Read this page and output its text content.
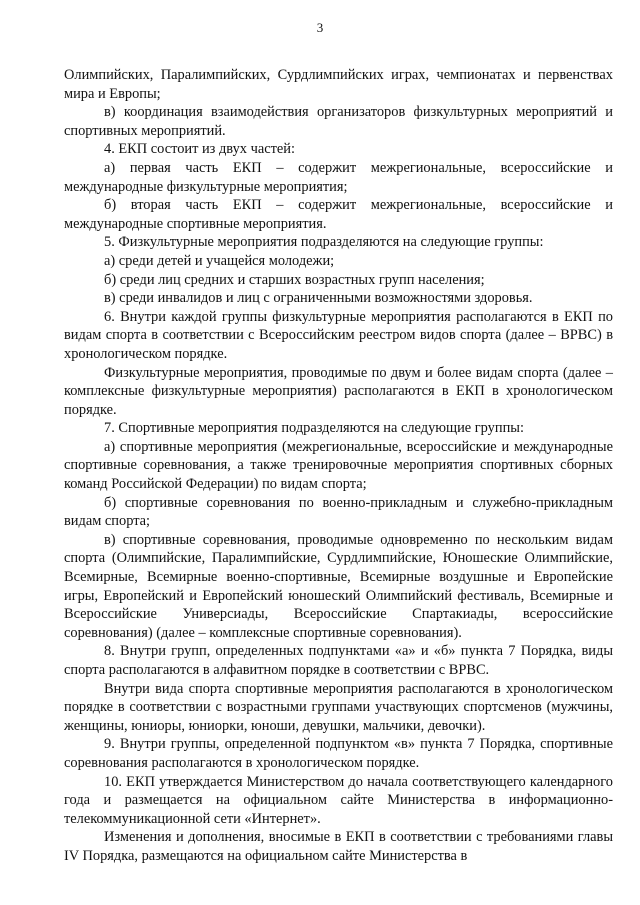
3

Олимпийских, Паралимпийских, Сурдлимпийских играх, чемпионатах и первенствах мира и Европы;

в) координация взаимодействия организаторов физкультурных мероприятий и спортивных мероприятий.

4. ЕКП состоит из двух частей:

а) первая часть ЕКП – содержит межрегиональные, всероссийские и международные физкультурные мероприятия;

б) вторая часть ЕКП – содержит межрегиональные, всероссийские и международные спортивные мероприятия.

5. Физкультурные мероприятия подразделяются на следующие группы:

а) среди детей и учащейся молодежи;

б) среди лиц средних и старших возрастных групп населения;

в) среди инвалидов и лиц с ограниченными возможностями здоровья.

6. Внутри каждой группы физкультурные мероприятия располагаются в ЕКП по видам спорта в соответствии с Всероссийским реестром видов спорта (далее – ВРВС) в хронологическом порядке.

Физкультурные мероприятия, проводимые по двум и более видам спорта (далее – комплексные физкультурные мероприятия) располагаются в ЕКП в хронологическом порядке.

7. Спортивные мероприятия подразделяются на следующие группы:

а) спортивные мероприятия (межрегиональные, всероссийские и международные спортивные соревнования, а также тренировочные мероприятия спортивных сборных команд Российской Федерации) по видам спорта;

б) спортивные соревнования по военно-прикладным и служебно-прикладным видам спорта;

в) спортивные соревнования, проводимые одновременно по нескольким видам спорта (Олимпийские, Паралимпийские, Сурдлимпийские, Юношеские Олимпийские, Всемирные, Всемирные военно-спортивные, Всемирные воздушные и Европейские игры, Европейский и Европейский юношеский Олимпийский фестиваль, Всемирные и Всероссийские Универсиады, Всероссийские Спартакиады, всероссийские соревнования) (далее – комплексные спортивные соревнования).

8. Внутри групп, определенных подпунктами «а» и «б» пункта 7 Порядка, виды спорта располагаются в алфавитном порядке в соответствии с ВРВС.

Внутри вида спорта спортивные мероприятия располагаются в хронологическом порядке в соответствии с возрастными группами участвующих спортсменов (мужчины, женщины, юниоры, юниорки, юноши, девушки, мальчики, девочки).

9. Внутри группы, определенной подпунктом «в» пункта 7 Порядка, спортивные соревнования располагаются в хронологическом порядке.

10. ЕКП утверждается Министерством до начала соответствующего календарного года и размещается на официальном сайте Министерства в информационно-телекоммуникационной сети «Интернет».

Изменения и дополнения, вносимые в ЕКП в соответствии с требованиями главы IV Порядка, размещаются на официальном сайте Министерства в
